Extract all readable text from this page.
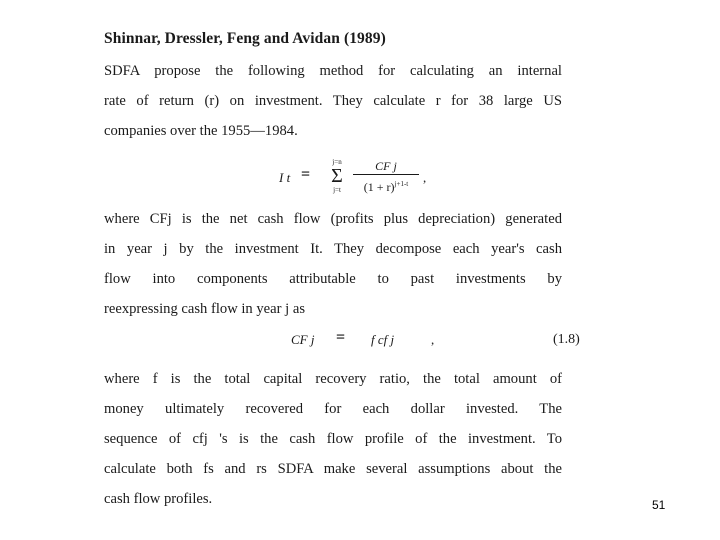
Shinnar, Dressler, Feng and Avidan (1989)
SDFA propose the following method for calculating an internal
rate of return (r) on investment. They calculate r for 38 large US
companies over the 1955—1984.
I t =
j=n
Σ
j=t	$\frac{\text{CF j}}{(1 + r)^{j+1-t}}$ ,
where CFj is the net cash flow (profits plus depreciation) generated
in year j by the investment It. They decompose each year's cash
flow into components attributable to past investments by
reexpressing cash flow in year j as
CF j = f cf j	,	(1.8)
where f is the total capital recovery ratio, the total amount of
money ultimately recovered for each dollar invested. The
sequence of cfj 's is the cash flow profile of the investment. To
calculate both fs and rs SDFA make several assumptions about the
cash flow profiles.	51
